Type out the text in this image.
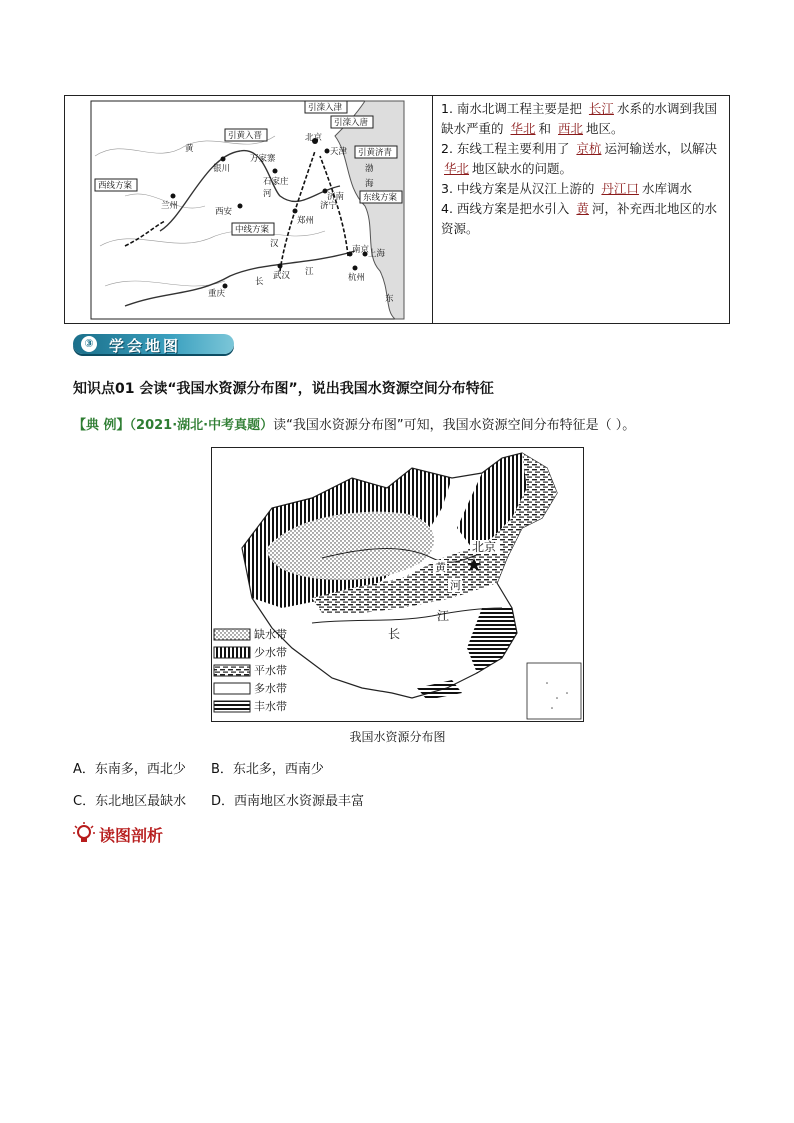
引黄入晋
引滦入津
引滦入唐
引黄济青
西线方案
中线方案
东线方案
北京
天津
银川
万家寨
石家庄
济南
兰州
郑州
西安
济宁
南京
上海
杭州
武汉
重庆
黄
河
长
江
渤
海
东
汉

1. 南水北调工程主要是把 长江 水系的水调到我国缺水严重的 华北 和 西北 地区。

2. 东线工程主要利用了 京杭 运河输送水，以解决 华北 地区缺水的问题。

3. 中线方案是从汉江上游的 丹江口 水库调水

4. 西线方案是把水引入 黄 河，补充西北地区的水资源。

③ 学会地图
知识点01 会读“我国水资源分布图”，说出我国水资源空间分布特征
【典 例】（2021·湖北·中考真题）读“我国水资源分布图”可知，我国水资源空间分布特征是（ ）。
缺水带
少水带
平水带
多水带
丰水带
北京
黄
河
长
江
我国水资源分布图
A．东南多，西北少 B．东北多，西南少
C．东北地区最缺水 D．西南地区水资源最丰富
读图剖析
